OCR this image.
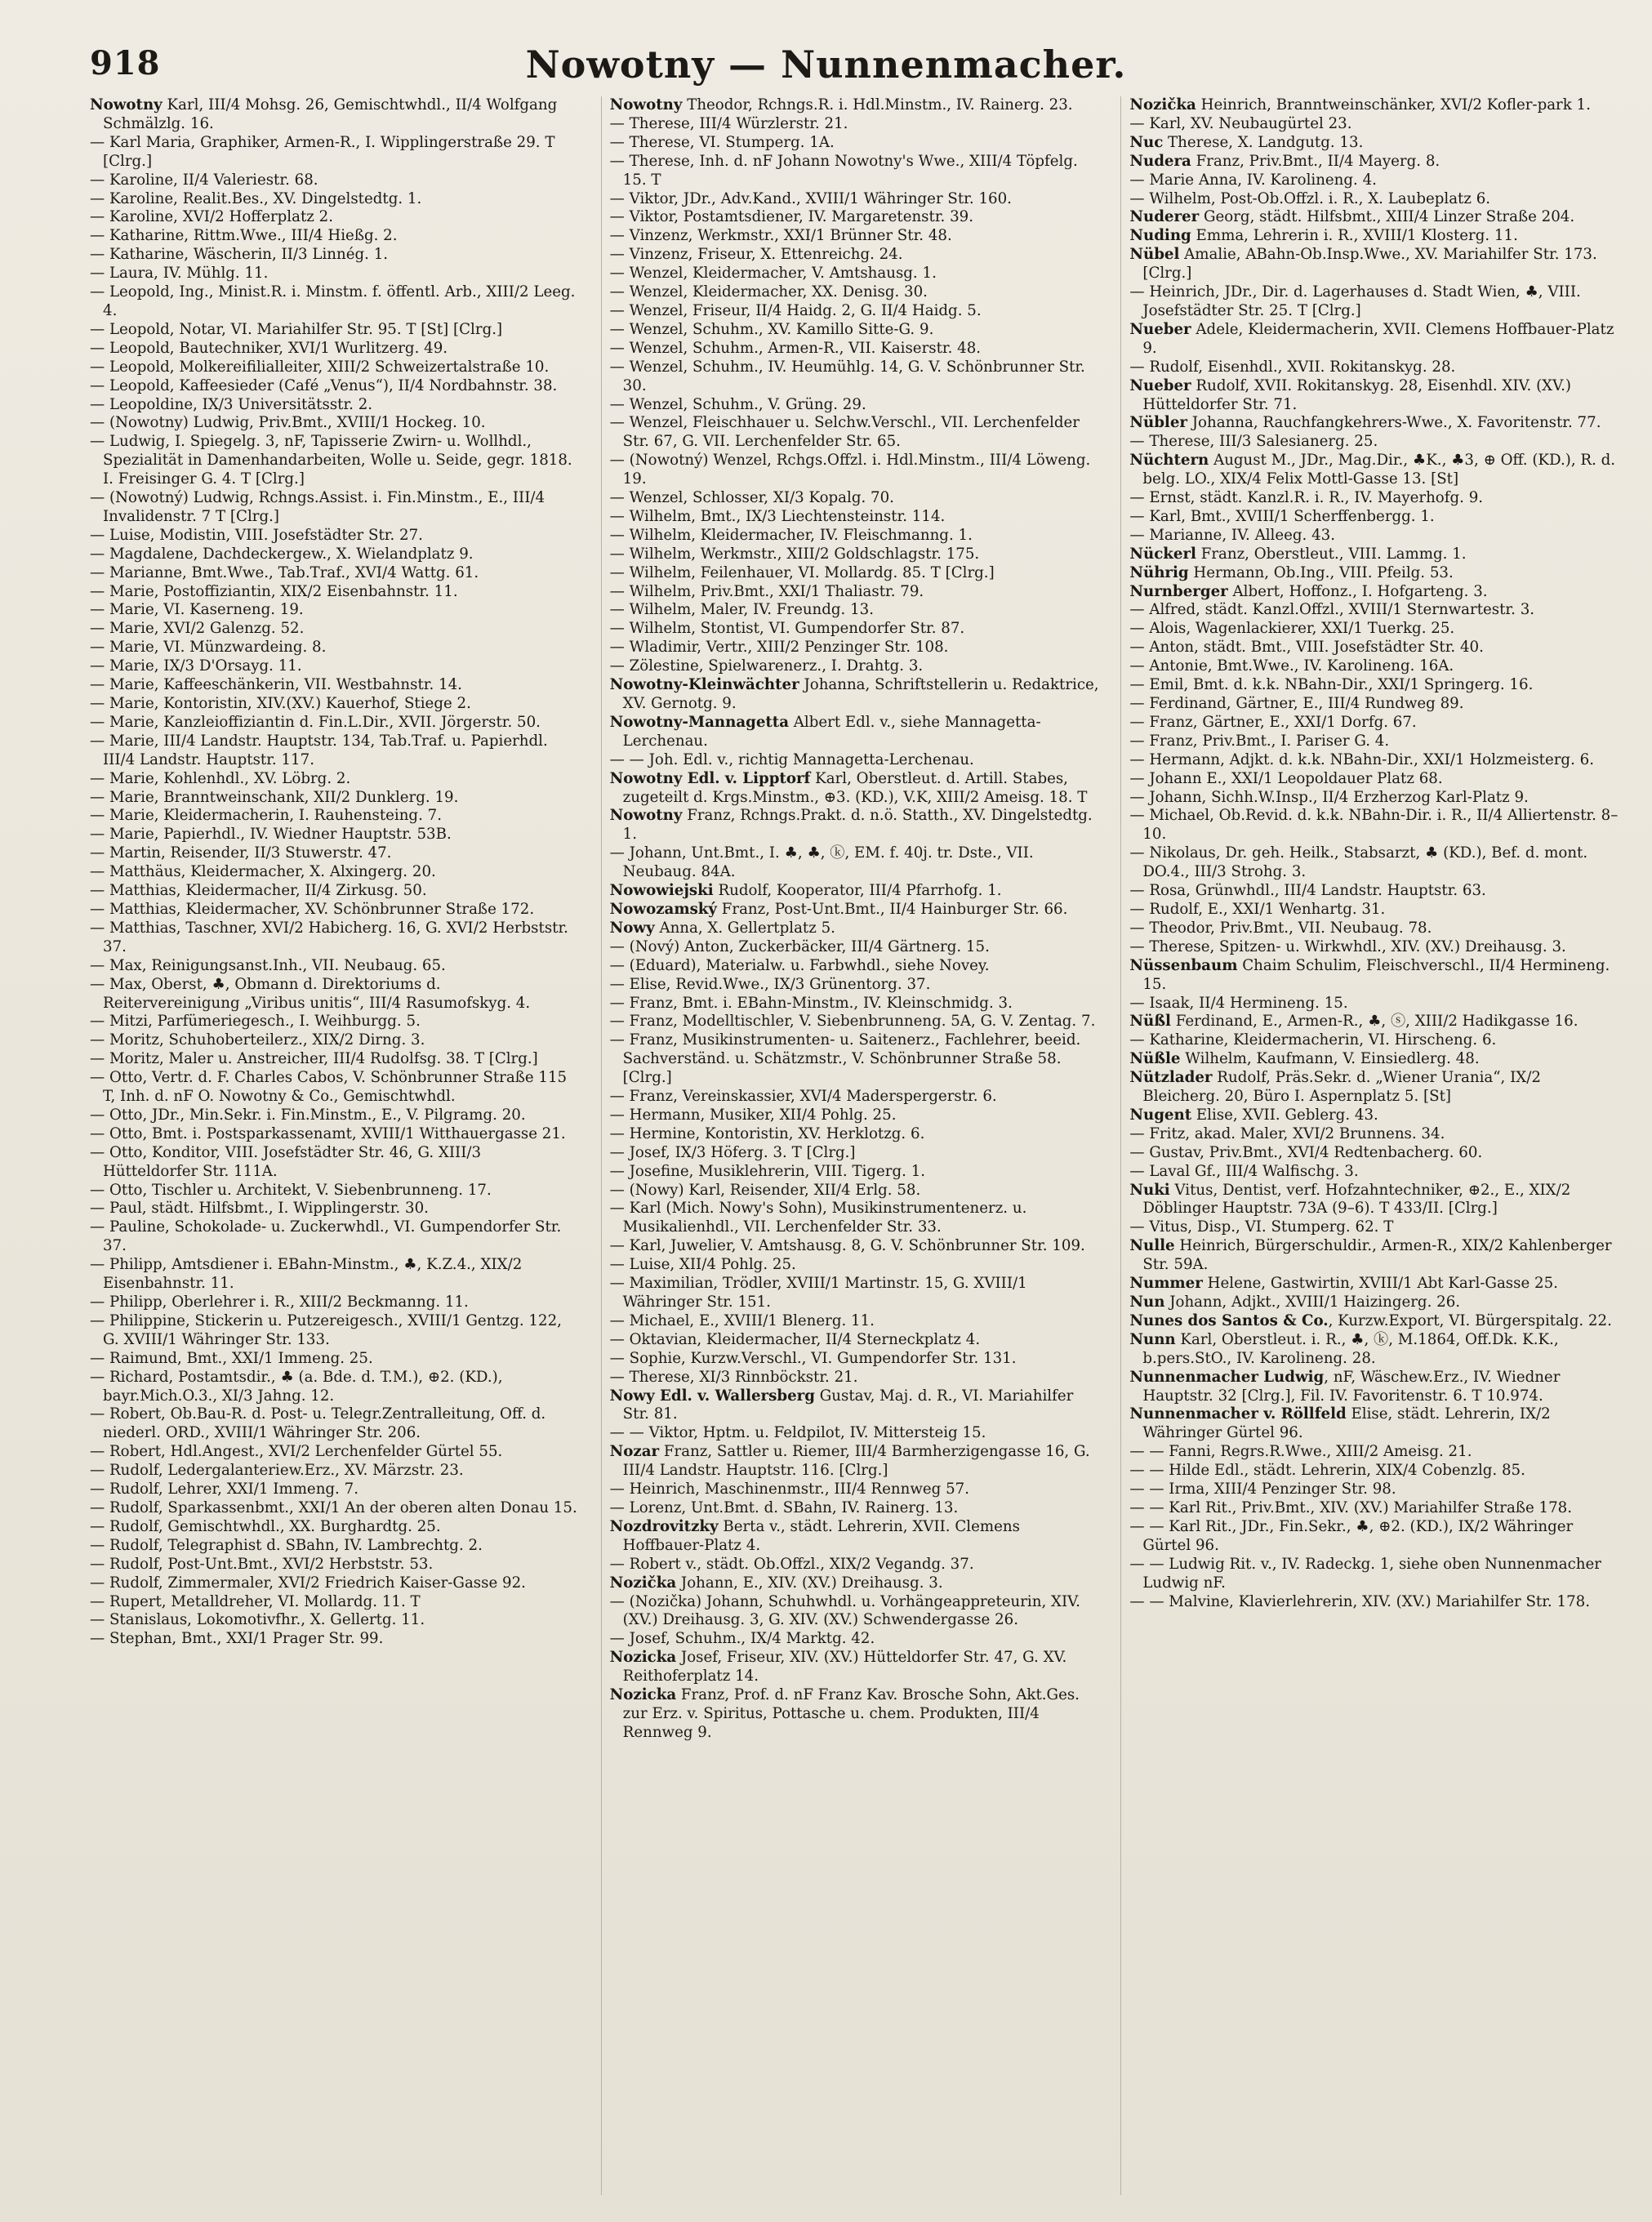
918	Nowotny — Nunnenmacher.

Nowotny Karl, III/4 Mohsg. 26, Gemischtwhdl., II/4 Wolfgang Schmälzlg. 16.

— Karl Maria, Graphiker, Armen-R., I. Wipplingerstraße 29. T [Clrg.]

— Karoline, II/4 Valeriestr. 68.

— Karoline, Realit.Bes., XV. Dingelstedtg. 1.

— Karoline, XVI/2 Hofferplatz 2.

— Katharine, Rittm.Wwe., III/4 Hießg. 2.

— Katharine, Wäscherin, II/3 Linnég. 1.

— Laura, IV. Mühlg. 11.

— Leopold, Ing., Minist.R. i. Minstm. f. öffentl. Arb., XIII/2 Leeg. 4.

— Leopold, Notar, VI. Mariahilfer Str. 95. T [St] [Clrg.]

— Leopold, Bautechniker, XVI/1 Wurlitzerg. 49.

— Leopold, Molkereifilialleiter, XIII/2 Schweizertalstraße 10.

— Leopold, Kaffeesieder (Café „Venus“), II/4 Nordbahnstr. 38.

— Leopoldine, IX/3 Universitätsstr. 2.

— (Nowotny) Ludwig, Priv.Bmt., XVIII/1 Hockeg. 10.

— Ludwig, I. Spiegelg. 3, nF, Tapisserie Zwirn- u. Wollhdl., Spezialität in Damenhandarbeiten, Wolle u. Seide, gegr. 1818. I. Freisinger G. 4. T [Clrg.]

— (Nowotný) Ludwig, Rchngs.Assist. i. Fin.Minstm., E., III/4 Invalidenstr. 7 T [Clrg.]

— Luise, Modistin, VIII. Josefstädter Str. 27.

— Magdalene, Dachdeckergew., X. Wielandplatz 9.

— Marianne, Bmt.Wwe., Tab.Traf., XVI/4 Wattg. 61.

— Marie, Postoffiziantin, XIX/2 Eisenbahnstr. 11.

— Marie, VI. Kaserneng. 19.

— Marie, XVI/2 Galenzg. 52.

— Marie, VI. Münzwardeing. 8.

— Marie, IX/3 D'Orsayg. 11.

— Marie, Kaffeeschänkerin, VII. Westbahnstr. 14.

— Marie, Kontoristin, XIV.(XV.) Kauerhof, Stiege 2.

— Marie, Kanzleioffiziantin d. Fin.L.Dir., XVII. Jörgerstr. 50.

— Marie, III/4 Landstr. Hauptstr. 134, Tab.Traf. u. Papierhdl. III/4 Landstr. Hauptstr. 117.

— Marie, Kohlenhdl., XV. Löbrg. 2.

— Marie, Branntweinschank, XII/2 Dunklerg. 19.

— Marie, Kleidermacherin, I. Rauhensteing. 7.

— Marie, Papierhdl., IV. Wiedner Hauptstr. 53B.

— Martin, Reisender, II/3 Stuwerstr. 47.

— Matthäus, Kleidermacher, X. Alxingerg. 20.

— Matthias, Kleidermacher, II/4 Zirkusg. 50.

— Matthias, Kleidermacher, XV. Schönbrunner Straße 172.

— Matthias, Taschner, XVI/2 Habicherg. 16, G. XVI/2 Herbststr. 37.

— Max, Reinigungsanst.Inh., VII. Neubaug. 65.

— Max, Oberst, ♣, Obmann d. Direktoriums d. Reitervereinigung „Viribus unitis“, III/4 Rasumofskyg. 4.

— Mitzi, Parfümeriegesch., I. Weihburgg. 5.

— Moritz, Schuhoberteilerz., XIX/2 Dirng. 3.

— Moritz, Maler u. Anstreicher, III/4 Rudolfsg. 38. T [Clrg.]

— Otto, Vertr. d. F. Charles Cabos, V. Schönbrunner Straße 115 T, Inh. d. nF O. Nowotny & Co., Gemischtwhdl.

— Otto, JDr., Min.Sekr. i. Fin.Minstm., E., V. Pilgramg. 20.

— Otto, Bmt. i. Postsparkassenamt, XVIII/1 Witthauergasse 21.

— Otto, Konditor, VIII. Josefstädter Str. 46, G. XIII/3 Hütteldorfer Str. 111A.

— Otto, Tischler u. Architekt, V. Siebenbrunneng. 17.

— Paul, städt. Hilfsbmt., I. Wipplingerstr. 30.

— Pauline, Schokolade- u. Zuckerwhdl., VI. Gumpendorfer Str. 37.

— Philipp, Amtsdiener i. EBahn-Minstm., ♣, K.Z.4., XIX/2 Eisenbahnstr. 11.

— Philipp, Oberlehrer i. R., XIII/2 Beckmanng. 11.

— Philippine, Stickerin u. Putzereigesch., XVIII/1 Gentzg. 122, G. XVIII/1 Währinger Str. 133.

— Raimund, Bmt., XXI/1 Immeng. 25.

— Richard, Postamtsdir., ♣ (a. Bde. d. T.M.), ⊕2. (KD.), bayr.Mich.O.3., XI/3 Jahng. 12.

— Robert, Ob.Bau-R. d. Post- u. Telegr.Zentralleitung, Off. d. niederl. ORD., XVIII/1 Währinger Str. 206.

— Robert, Hdl.Angest., XVI/2 Lerchenfelder Gürtel 55.

— Rudolf, Ledergalanteriew.Erz., XV. Märzstr. 23.

— Rudolf, Lehrer, XXI/1 Immeng. 7.

— Rudolf, Sparkassenbmt., XXI/1 An der oberen alten Donau 15.

— Rudolf, Gemischtwhdl., XX. Burghardtg. 25.

— Rudolf, Telegraphist d. SBahn, IV. Lambrechtg. 2.

— Rudolf, Post-Unt.Bmt., XVI/2 Herbststr. 53.

— Rudolf, Zimmermaler, XVI/2 Friedrich Kaiser-Gasse 92.

— Rupert, Metalldreher, VI. Mollardg. 11. T

— Stanislaus, Lokomotivfhr., X. Gellertg. 11.

— Stephan, Bmt., XXI/1 Prager Str. 99.

Nowotny Theodor, Rchngs.R. i. Hdl.Minstm., IV. Rainerg. 23.

— Therese, III/4 Würzlerstr. 21.

— Therese, VI. Stumperg. 1A.

— Therese, Inh. d. nF Johann Nowotny's Wwe., XIII/4 Töpfelg. 15. T

— Viktor, JDr., Adv.Kand., XVIII/1 Währinger Str. 160.

— Viktor, Postamtsdiener, IV. Margaretenstr. 39.

— Vinzenz, Werkmstr., XXI/1 Brünner Str. 48.

— Vinzenz, Friseur, X. Ettenreichg. 24.

— Wenzel, Kleidermacher, V. Amtshausg. 1.

— Wenzel, Kleidermacher, XX. Denisg. 30.

— Wenzel, Friseur, II/4 Haidg. 2, G. II/4 Haidg. 5.

— Wenzel, Schuhm., XV. Kamillo Sitte-G. 9.

— Wenzel, Schuhm., Armen-R., VII. Kaiserstr. 48.

— Wenzel, Schuhm., IV. Heumühlg. 14, G. V. Schönbrunner Str. 30.

— Wenzel, Schuhm., V. Grüng. 29.

— Wenzel, Fleischhauer u. Selchw.Verschl., VII. Lerchenfelder Str. 67, G. VII. Lerchenfelder Str. 65.

— (Nowotný) Wenzel, Rchgs.Offzl. i. Hdl.Minstm., III/4 Löweng. 19.

— Wenzel, Schlosser, XI/3 Kopalg. 70.

— Wilhelm, Bmt., IX/3 Liechtensteinstr. 114.

— Wilhelm, Kleidermacher, IV. Fleischmanng. 1.

— Wilhelm, Werkmstr., XIII/2 Goldschlagstr. 175.

— Wilhelm, Feilenhauer, VI. Mollardg. 85. T [Clrg.]

— Wilhelm, Priv.Bmt., XXI/1 Thaliastr. 79.

— Wilhelm, Maler, IV. Freundg. 13.

— Wilhelm, Stontist, VI. Gumpendorfer Str. 87.

— Wladimir, Vertr., XIII/2 Penzinger Str. 108.

— Zölestine, Spielwarenerz., I. Drahtg. 3.

Nowotny-Kleinwächter Johanna, Schriftstellerin u. Redaktrice, XV. Gernotg. 9.

Nowotny-Mannagetta Albert Edl. v., siehe Mannagetta-Lerchenau.

— — Joh. Edl. v., richtig Mannagetta-Lerchenau.

Nowotny Edl. v. Lipptorf Karl, Oberstleut. d. Artill. Stabes, zugeteilt d. Krgs.Minstm., ⊕3. (KD.), V.K, XIII/2 Ameisg. 18. T

Nowotny Franz, Rchngs.Prakt. d. n.ö. Statth., XV. Dingelstedtg. 1.

— Johann, Unt.Bmt., I. ♣, ♣, ⓚ, EM. f. 40j. tr. Dste., VII. Neubaug. 84A.

Nowowiejski Rudolf, Kooperator, III/4 Pfarrhofg. 1.

Nowozamský Franz, Post-Unt.Bmt., II/4 Hainburger Str. 66.

Nowy Anna, X. Gellertplatz 5.

— (Nový) Anton, Zuckerbäcker, III/4 Gärtnerg. 15.

— (Eduard), Materialw. u. Farbwhdl., siehe Novey.

— Elise, Revid.Wwe., IX/3 Grünentorg. 37.

— Franz, Bmt. i. EBahn-Minstm., IV. Kleinschmidg. 3.

— Franz, Modelltischler, V. Siebenbrunneng. 5A, G. V. Zentag. 7.

— Franz, Musikinstrumenten- u. Saitenerz., Fachlehrer, beeid. Sachverständ. u. Schätzmstr., V. Schönbrunner Straße 58. [Clrg.]

— Franz, Vereinskassier, XVI/4 Maderspergerstr. 6.

— Hermann, Musiker, XII/4 Pohlg. 25.

— Hermine, Kontoristin, XV. Herklotzg. 6.

— Josef, IX/3 Höferg. 3. T [Clrg.]

— Josefine, Musiklehrerin, VIII. Tigerg. 1.

— (Nowy) Karl, Reisender, XII/4 Erlg. 58.

— Karl (Mich. Nowy's Sohn), Musikinstrumentenerz. u. Musikalienhdl., VII. Lerchenfelder Str. 33.

— Karl, Juwelier, V. Amtshausg. 8, G. V. Schönbrunner Str. 109.

— Luise, XII/4 Pohlg. 25.

— Maximilian, Trödler, XVIII/1 Martinstr. 15, G. XVIII/1 Währinger Str. 151.

— Michael, E., XVIII/1 Blenerg. 11.

— Oktavian, Kleidermacher, II/4 Sterneckplatz 4.

— Sophie, Kurzw.Verschl., VI. Gumpendorfer Str. 131.

— Therese, XI/3 Rinnböckstr. 21.

Nowy Edl. v. Wallersberg Gustav, Maj. d. R., VI. Mariahilfer Str. 81.

— — Viktor, Hptm. u. Feldpilot, IV. Mittersteig 15.

Nozar Franz, Sattler u. Riemer, III/4 Barmherzigengasse 16, G. III/4 Landstr. Hauptstr. 116. [Clrg.]

— Heinrich, Maschinenmstr., III/4 Rennweg 57.

— Lorenz, Unt.Bmt. d. SBahn, IV. Rainerg. 13.

Nozdrovitzky Berta v., städt. Lehrerin, XVII. Clemens Hoffbauer-Platz 4.

— Robert v., städt. Ob.Offzl., XIX/2 Vegandg. 37.

Nozička Johann, E., XIV. (XV.) Dreihausg. 3.

— (Nozička) Johann, Schuhwhdl. u. Vorhängeappreteurin, XIV. (XV.) Dreihausg. 3, G. XIV. (XV.) Schwendergasse 26.

— Josef, Schuhm., IX/4 Marktg. 42.

Nozicka Josef, Friseur, XIV. (XV.) Hütteldorfer Str. 47, G. XV. Reithoferplatz 14.

Nozicka Franz, Prof. d. nF Franz Kav. Brosche Sohn, Akt.Ges. zur Erz. v. Spiritus, Pottasche u. chem. Produkten, III/4 Rennweg 9.

Nozička Heinrich, Branntweinschänker, XVI/2 Kofler-park 1.

— Karl, XV. Neubaugürtel 23.

Nuc Therese, X. Landgutg. 13.

Nudera Franz, Priv.Bmt., II/4 Mayerg. 8.

— Marie Anna, IV. Karolineng. 4.

— Wilhelm, Post-Ob.Offzl. i. R., X. Laubeplatz 6.

Nuderer Georg, städt. Hilfsbmt., XIII/4 Linzer Straße 204.

Nuding Emma, Lehrerin i. R., XVIII/1 Klosterg. 11.

Nübel Amalie, ABahn-Ob.Insp.Wwe., XV. Mariahilfer Str. 173. [Clrg.]

— Heinrich, JDr., Dir. d. Lagerhauses d. Stadt Wien, ♣, VIII. Josefstädter Str. 25. T [Clrg.]

Nueber Adele, Kleidermacherin, XVII. Clemens Hoffbauer-Platz 9.

— Rudolf, Eisenhdl., XVII. Rokitanskyg. 28.

Nueber Rudolf, XVII. Rokitanskyg. 28, Eisenhdl. XIV. (XV.) Hütteldorfer Str. 71.

Nübler Johanna, Rauchfangkehrers-Wwe., X. Favoritenstr. 77.

— Therese, III/3 Salesianerg. 25.

Nüchtern August M., JDr., Mag.Dir., ♣K., ♣3, ⊕ Off. (KD.), R. d. belg. LO., XIX/4 Felix Mottl-Gasse 13. [St]

— Ernst, städt. Kanzl.R. i. R., IV. Mayerhofg. 9.

— Karl, Bmt., XVIII/1 Scherffenbergg. 1.

— Marianne, IV. Alleeg. 43.

Nückerl Franz, Oberstleut., VIII. Lammg. 1.

Nührig Hermann, Ob.Ing., VIII. Pfeilg. 53.

Nurnberger Albert, Hoffonz., I. Hofgarteng. 3.

— Alfred, städt. Kanzl.Offzl., XVIII/1 Sternwartestr. 3.

— Alois, Wagenlackierer, XXI/1 Tuerkg. 25.

— Anton, städt. Bmt., VIII. Josefstädter Str. 40.

— Antonie, Bmt.Wwe., IV. Karolineng. 16A.

— Emil, Bmt. d. k.k. NBahn-Dir., XXI/1 Springerg. 16.

— Ferdinand, Gärtner, E., III/4 Rundweg 89.

— Franz, Gärtner, E., XXI/1 Dorfg. 67.

— Franz, Priv.Bmt., I. Pariser G. 4.

— Hermann, Adjkt. d. k.k. NBahn-Dir., XXI/1 Holzmeisterg. 6.

— Johann E., XXI/1 Leopoldauer Platz 68.

— Johann, Sichh.W.Insp., II/4 Erzherzog Karl-Platz 9.

— Michael, Ob.Revid. d. k.k. NBahn-Dir. i. R., II/4 Alliertenstr. 8–10.

— Nikolaus, Dr. geh. Heilk., Stabsarzt, ♣ (KD.), Bef. d. mont. DO.4., III/3 Strohg. 3.

— Rosa, Grünwhdl., III/4 Landstr. Hauptstr. 63.

— Rudolf, E., XXI/1 Wenhartg. 31.

— Theodor, Priv.Bmt., VII. Neubaug. 78.

— Therese, Spitzen- u. Wirkwhdl., XIV. (XV.) Dreihausg. 3.

Nüssenbaum Chaim Schulim, Fleischverschl., II/4 Hermineng. 15.

— Isaak, II/4 Hermineng. 15.

Nüßl Ferdinand, E., Armen-R., ♣, ⓢ, XIII/2 Hadikgasse 16.

— Katharine, Kleidermacherin, VI. Hirscheng. 6.

Nüßle Wilhelm, Kaufmann, V. Einsiedlerg. 48.

Nützlader Rudolf, Präs.Sekr. d. „Wiener Urania“, IX/2 Bleicherg. 20, Büro I. Aspernplatz 5. [St]

Nugent Elise, XVII. Geblerg. 43.

— Fritz, akad. Maler, XVI/2 Brunnens. 34.

— Gustav, Priv.Bmt., XVI/4 Redtenbacherg. 60.

— Laval Gf., III/4 Walfischg. 3.

Nuki Vitus, Dentist, verf. Hofzahntechniker, ⊕2., E., XIX/2 Döblinger Hauptstr. 73A (9–6). T 433/II. [Clrg.]

— Vitus, Disp., VI. Stumperg. 62. T

Nulle Heinrich, Bürgerschuldir., Armen-R., XIX/2 Kahlenberger Str. 59A.

Nummer Helene, Gastwirtin, XVIII/1 Abt Karl-Gasse 25.

Nun Johann, Adjkt., XVIII/1 Haizingerg. 26.

Nunes dos Santos & Co., Kurzw.Export, VI. Bürgerspitalg. 22.

Nunn Karl, Oberstleut. i. R., ♣, ⓚ, M.1864, Off.Dk. K.K., b.pers.StO., IV. Karolineng. 28.

Nunnenmacher Ludwig, nF, Wäschew.Erz., IV. Wiedner Hauptstr. 32 [Clrg.], Fil. IV. Favoritenstr. 6. T 10.974.

Nunnenmacher v. Röllfeld Elise, städt. Lehrerin, IX/2 Währinger Gürtel 96.

— — Fanni, Regrs.R.Wwe., XIII/2 Ameisg. 21.

— — Hilde Edl., städt. Lehrerin, XIX/4 Cobenzlg. 85.

— — Irma, XIII/4 Penzinger Str. 98.

— — Karl Rit., Priv.Bmt., XIV. (XV.) Mariahilfer Straße 178.

— — Karl Rit., JDr., Fin.Sekr., ♣, ⊕2. (KD.), IX/2 Währinger Gürtel 96.

— — Ludwig Rit. v., IV. Radeckg. 1, siehe oben Nunnenmacher Ludwig nF.

— — Malvine, Klavierlehrerin, XIV. (XV.) Mariahilfer Str. 178.
